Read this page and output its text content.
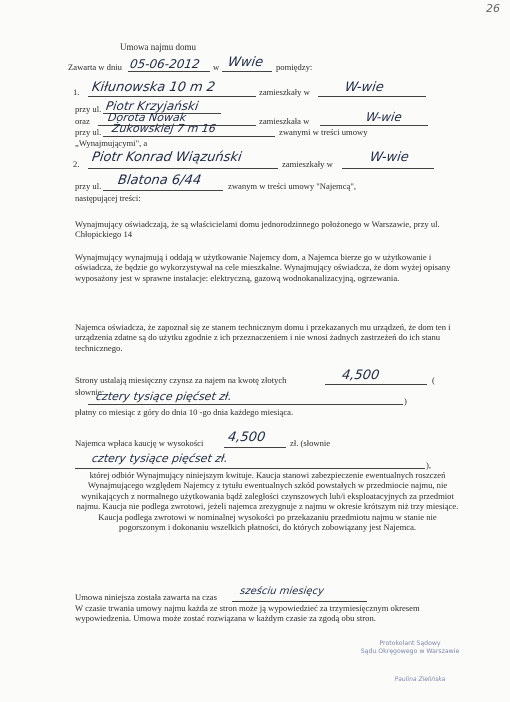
26
Umowa najmu domu
Zawarta w dniu 05-06-2012 w Wwie pomiędzy:
1. Kiłunowska 10 m 2	zamieszkały w	W-wie
przy ul. Piotr Krzyjański
oraz Dorota Nowak	zamieszkała w	W-wie
przy ul. Żukowskiej 7 m 16	zwanymi w treści umowy
„Wynajmującymi", a
2. Piotr Konrad Wiązuński	zamieszkały w	W-wie
przy ul. Blatona 6/44	zwanym w treści umowy "Najemcą",
następującej treści:
Wynajmujący oświadczają, że są właścicielami domu jednorodzinnego położonego w Warszawie, przy ul. Chłopickiego 14
Wynajmujący wynajmują i oddają w użytkowanie Najemcy dom, a Najemca bierze go w użytkowanie i oświadcza, że będzie go wykorzystywał na cele mieszkalne. Wynajmujący oświadcza, że dom wyżej opisany wyposażony jest w sprawne instalacje: elektryczną, gazową wodnokanalizacyjną, ogrzewania.
Najemca oświadcza, że zapoznał się ze stanem technicznym domu i przekazanych mu urządzeń, że dom ten i urządzenia zdatne są do użytku zgodnie z ich przeznaczeniem i nie wnosi żadnych zastrzeżeń do ich stanu technicznego.
Strony ustalają miesięczny czynsz za najem na kwotę złotych	4,500	(
słownie:
cztery tysiące pięćset zł.	)
płatny co miesiąc z góry do dnia 10 -go dnia każdego miesiąca.
Najemca wpłaca kaucję w wysokości 4,500	zł. (słownie
cztery tysiące pięćset zł.	),
której odbiór Wynajmujący niniejszym kwituje. Kaucja stanowi zabezpieczenie ewentualnych roszczeń Wynajmującego względem Najemcy z tytułu ewentualnych szkód powstałych w przedmiocie najmu, nie wynikających z normalnego użytkowania bądź zaległości czynszowych lub/i eksploatacyjnych za przedmiot najmu. Kaucja nie podlega zwrotowi, jeżeli najemca zrezygnuje z najmu w okresie krótszym niż trzy miesiące. Kaucja podlega zwrotowi w nominalnej wysokości po przekazaniu przedmiotu najmu w stanie nie pogorszonym i dokonaniu wszelkich płatności, do których zobowiązany jest Najemca.
Umowa niniejsza została zawarta na czas sześciu miesięcy
W czasie trwania umowy najmu każda ze stron może ją wypowiedzieć za trzymiesięcznym okresem wypowiedzenia. Umowa może zostać rozwiązana w każdym czasie za zgodą obu stron.
Protokolant Sądowy
Sądu Okręgowego w Warszawie
Paulina Zielińska
